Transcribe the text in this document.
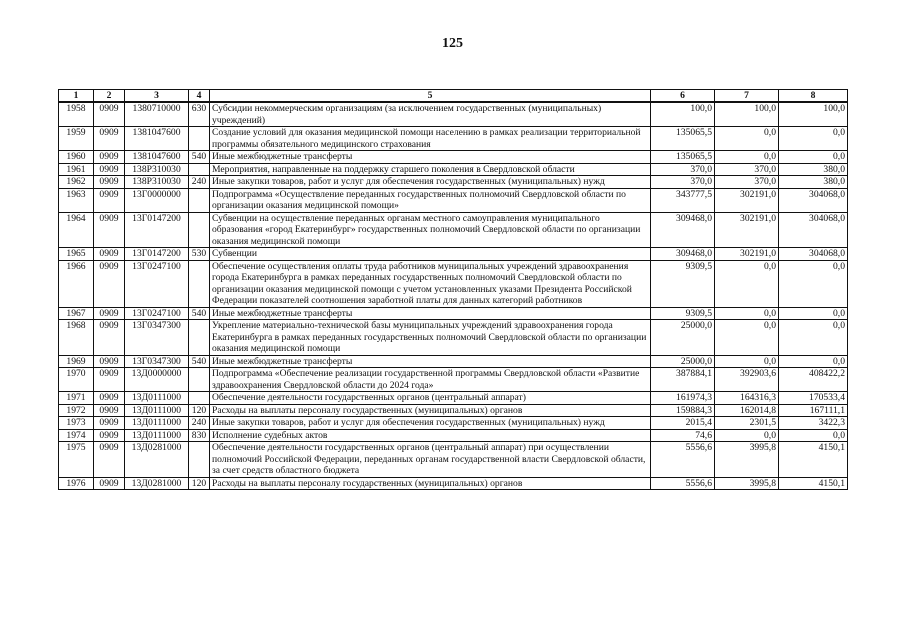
125
1	2	3	4	5	6	7	8
1958	0909	1380710000	630	Субсидии некоммерческим организациям (за исключением государственных (муниципальных) учреждений)	100,0	100,0	100,0
1959	0909	1381047600		Создание условий для оказания медицинской помощи населению в рамках реализации территориальной программы обязательного медицинского страхования	135065,5	0,0	0,0
1960	0909	1381047600	540	Иные межбюджетные трансферты	135065,5	0,0	0,0
1961	0909	138P310030		Мероприятия, направленные на поддержку старшего поколения в Свердловской области	370,0	370,0	380,0
1962	0909	138P310030	240	Иные закупки товаров, работ и услуг для обеспечения государственных (муниципальных) нужд	370,0	370,0	380,0
1963	0909	13Г0000000		Подпрограмма «Осуществление переданных государственных полномочий Свердловской области по организации оказания медицинской помощи»	343777,5	302191,0	304068,0
1964	0909	13Г0147200		Субвенции на осуществление переданных органам местного самоуправления муниципального образования «город Екатеринбург» государственных полномочий Свердловской области по организации оказания медицинской помощи	309468,0	302191,0	304068,0
1965	0909	13Г0147200	530	Субвенции	309468,0	302191,0	304068,0
1966	0909	13Г0247100		Обеспечение осуществления оплаты труда работников муниципальных учреждений здравоохранения города Екатеринбурга в рамках переданных государственных полномочий Свердловской области по организации оказания медицинской помощи с учетом установленных указами Президента Российской Федерации показателей соотношения заработной платы для данных категорий работников	9309,5	0,0	0,0
1967	0909	13Г0247100	540	Иные межбюджетные трансферты	9309,5	0,0	0,0
1968	0909	13Г0347300		Укрепление материально-технической базы муниципальных учреждений здравоохранения города Екатеринбурга в рамках переданных государственных полномочий Свердловской области по организации оказания медицинской помощи	25000,0	0,0	0,0
1969	0909	13Г0347300	540	Иные межбюджетные трансферты	25000,0	0,0	0,0
1970	0909	13Д0000000		Подпрограмма «Обеспечение реализации государственной программы Свердловской области «Развитие здравоохранения Свердловской области до 2024 года»	387884,1	392903,6	408422,2
1971	0909	13Д0111000		Обеспечение деятельности государственных органов (центральный аппарат)	161974,3	164316,3	170533,4
1972	0909	13Д0111000	120	Расходы на выплаты персоналу государственных (муниципальных) органов	159884,3	162014,8	167111,1
1973	0909	13Д0111000	240	Иные закупки товаров, работ и услуг для обеспечения государственных (муниципальных) нужд	2015,4	2301,5	3422,3
1974	0909	13Д0111000	830	Исполнение судебных актов	74,6	0,0	0,0
1975	0909	13Д0281000		Обеспечение деятельности государственных органов (центральный аппарат) при осуществлении полномочий Российской Федерации, переданных органам государственной власти Свердловской области, за счет средств областного бюджета	5556,6	3995,8	4150,1
1976	0909	13Д0281000	120	Расходы на выплаты персоналу государственных (муниципальных) органов	5556,6	3995,8	4150,1
